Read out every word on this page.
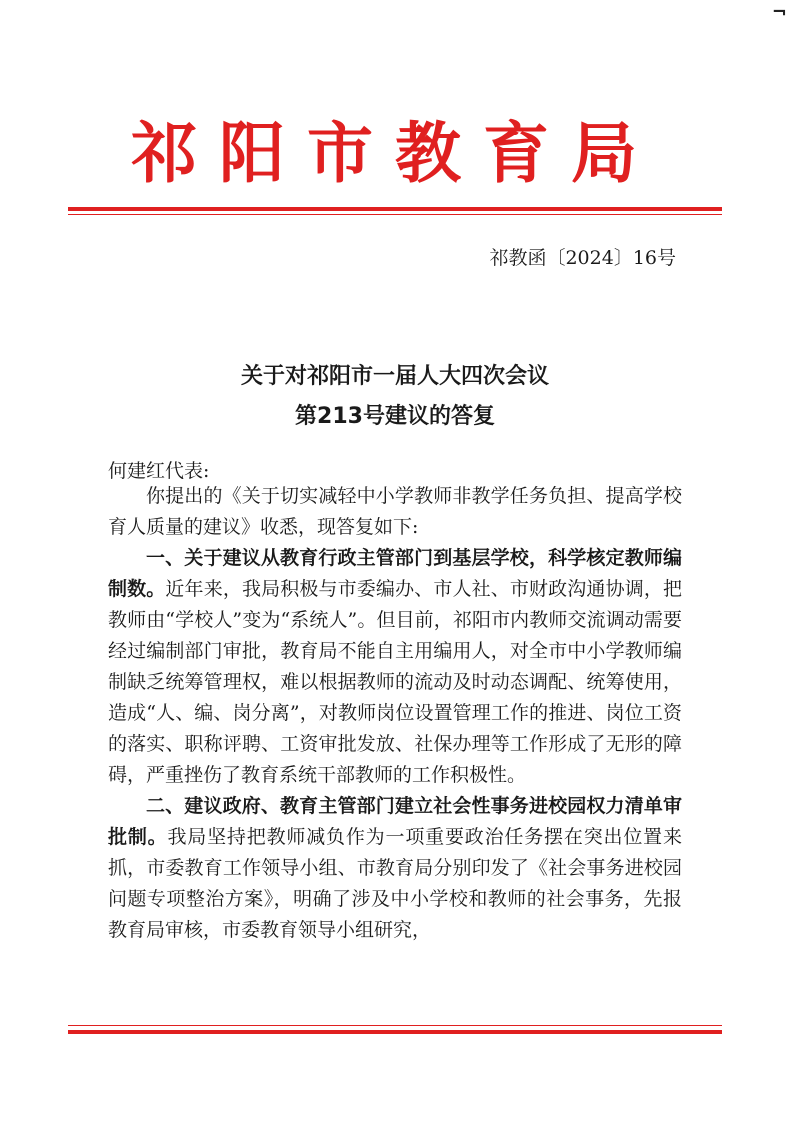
¬
祁阳市教育局
祁教函〔2024〕16号
关于对祁阳市一届人大四次会议
第213号建议的答复
何建红代表:

你提出的《关于切实减轻中小学教师非教学任务负担、提高学校育人质量的建议》收悉，现答复如下:

一、关于建议从教育行政主管部门到基层学校，科学核定教师编制数。近年来，我局积极与市委编办、市人社、市财政沟通协调，把教师由“学校人”变为“系统人”。但目前，祁阳市内教师交流调动需要经过编制部门审批，教育局不能自主用编用人，对全市中小学教师编制缺乏统筹管理权，难以根据教师的流动及时动态调配、统筹使用，造成“人、编、岗分离”，对教师岗位设置管理工作的推进、岗位工资的落实、职称评聘、工资审批发放、社保办理等工作形成了无形的障碍，严重挫伤了教育系统干部教师的工作积极性。

二、建议政府、教育主管部门建立社会性事务进校园权力清单审批制。我局坚持把教师减负作为一项重要政治任务摆在突出位置来抓，市委教育工作领导小组、市教育局分别印发了《社会事务进校园问题专项整治方案》，明确了涉及中小学校和教师的社会事务，先报教育局审核，市委教育领导小组研究，
